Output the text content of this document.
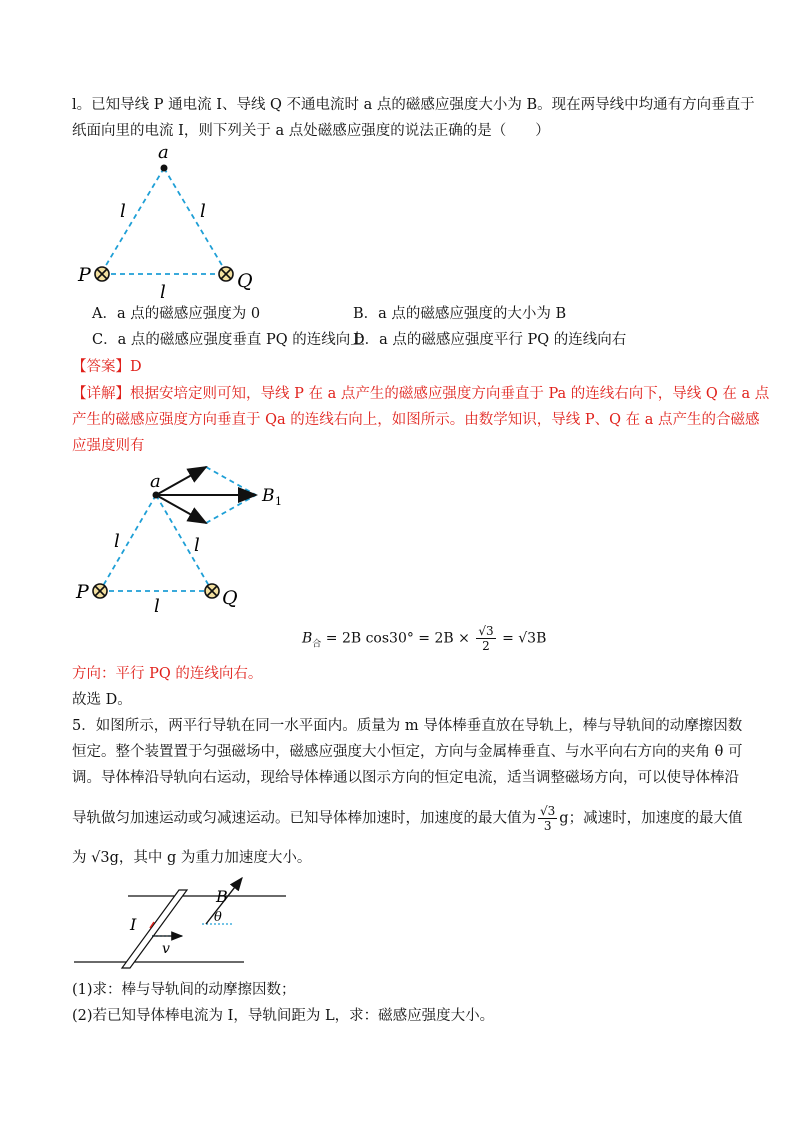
l。已知导线 P 通电流 I、导线 Q 不通电流时 a 点的磁感应强度大小为 B。现在两导线中均通有方向垂直于
纸面向里的电流 I，则下列关于 a 点处磁感应强度的说法正确的是（　　）
a
l	l
l
P	Q
A．a 点的磁感应强度为 0	B．a 点的磁感应强度的大小为 B
C．a 点的磁感应强度垂直 PQ 的连线向上
D．a 点的磁感应强度平行 PQ 的连线向右
【答案】D
【详解】根据安培定则可知，导线 P 在 a 点产生的磁感应强度方向垂直于 Pa 的连线右向下，导线 Q 在 a 点
产生的磁感应强度方向垂直于 Qa 的连线右向上，如图所示。由数学知识，导线 P、Q 在 a 点产生的合磁感
应强度则有
a
B 1
l	l
l
P	Q
$B_合 = 2B$ $\cos 30^\circ = 2B \times \frac{√3}{2} = √3B$
方向：平行 PQ 的连线向右。
故选 D。
5．如图所示，两平行导轨在同一水平面内。质量为 m 导体棒垂直放在导轨上，棒与导轨间的动摩擦因数
恒定。整个装置置于匀强磁场中，磁感应强度大小恒定，方向与金属棒垂直、与水平向右方向的夹角 θ 可
调。导体棒沿导轨向右运动，现给导体棒通以图示方向的恒定电流，适当调整磁场方向，可以使导体棒沿
导轨做匀加速运动或匀减速运动。已知导体棒加速时，加速度的最大值为 $\frac{√3}{3}$ g；减速时，加速度的最大值
为 √3g，其中 g 为重力加速度大小。
B
θ
I
v
(1)求：棒与导轨间的动摩擦因数；
(2)若已知导体棒电流为 I，导轨间距为 L，求：磁感应强度大小。
